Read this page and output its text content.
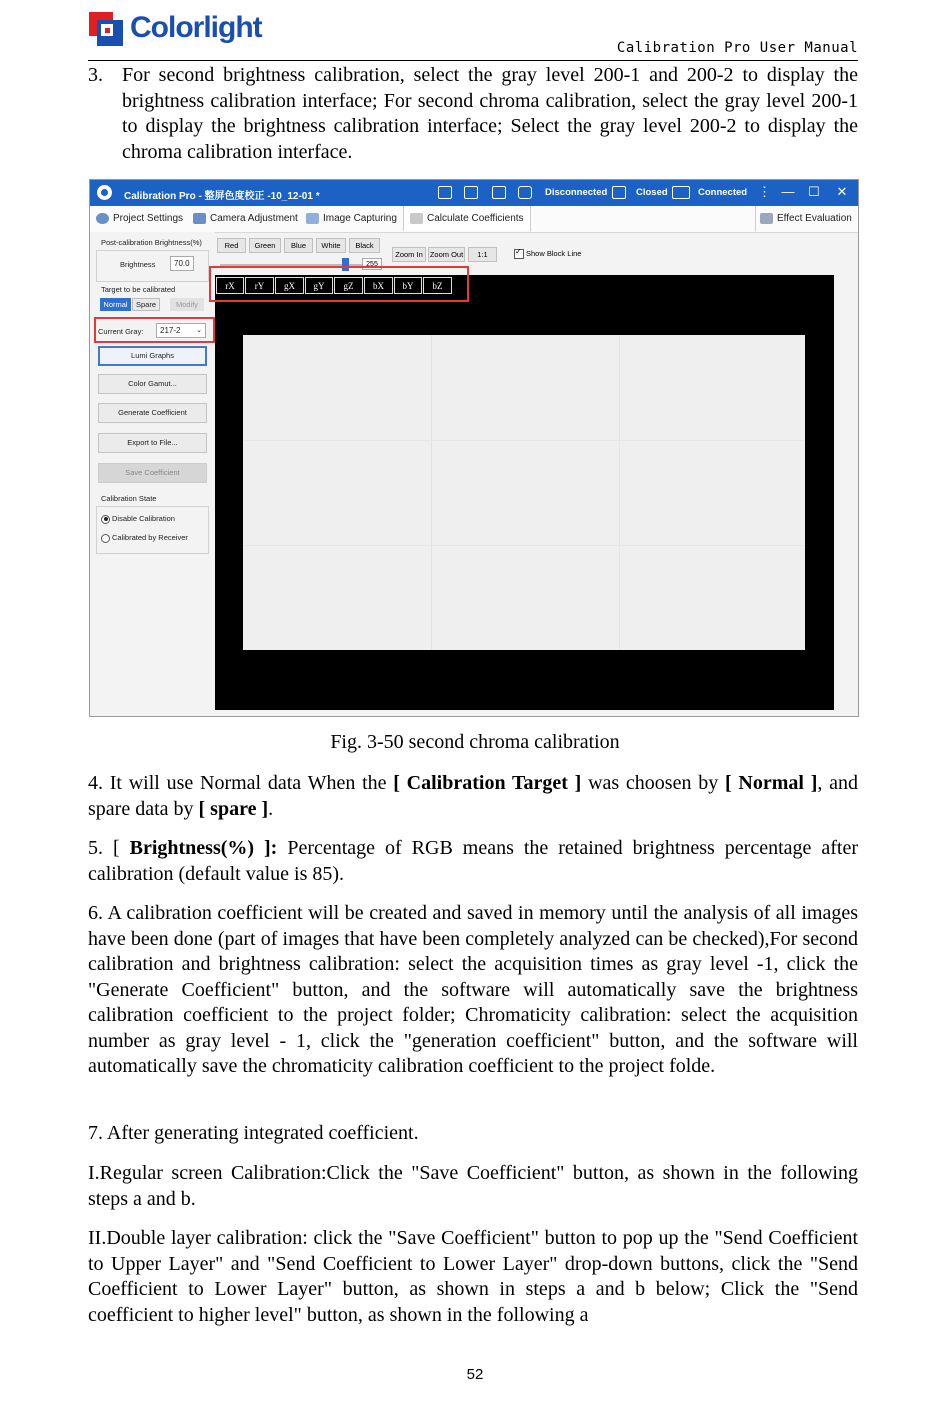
Colorlight
Calibration Pro User Manual
3. For second brightness calibration, select the gray level 200-1 and 200-2 to display the brightness calibration interface; For second chroma calibration, select the gray level 200-1 to display the brightness calibration interface; Select the gray level 200-2 to display the chroma calibration interface.
Calibration Pro - 整屏色度校正 -10_12-01 *	Disconnected	Closed	Connected ⋮ — ☐ ✕
Project Settings	Camera Adjustment	Image Capturing	Calculate Coefficients	Effect Evaluation
Post-calibration Brightness(%)
Brightness	70.0
Target to be calibrated
Normal	Spare	Modify
Current Gray:	217-2 ⌄
Lumi Graphs
Color Gamut...
Generate Coefficient
Export to File...
Save Coefficient
Calibration State
Disable Calibration
Calibrated by Receiver
Red	Green	Blue	White	Black
255
Zoom In Zoom Out	1:1
✓	Show Block Line
rX	rY	gX	gY	gZ	bX	bY	bZ
Fig. 3-50 second chroma calibration
4. It will use Normal data When the [ Calibration Target ] was choosen by [ Normal ], and spare data by [ spare ].
5. [ Brightness(%) ]: Percentage of RGB means the retained brightness percentage after calibration (default value is 85).
6. A calibration coefficient will be created and saved in memory until the analysis of all images have been done (part of images that have been completely analyzed can be checked),For second calibration and brightness calibration: select the acquisition times as gray level -1, click the "Generate Coefficient" button, and the software will automatically save the brightness calibration coefficient to the project folder; Chromaticity calibration: select the acquisition number as gray level - 1, click the "generation coefficient" button, and the software will automatically save the chromaticity calibration coefficient to the project folde.
7. After generating integrated coefficient.
I.Regular screen Calibration:Click the "Save Coefficient" button, as shown in the following steps a and b.
II.Double layer calibration: click the "Save Coefficient" button to pop up the "Send Coefficient to Upper Layer" and "Send Coefficient to Lower Layer" drop-down buttons, click the "Send Coefficient to Lower Layer" button, as shown in steps a and b below; Click the "Send coefficient to higher level" button, as shown in the following a
52
